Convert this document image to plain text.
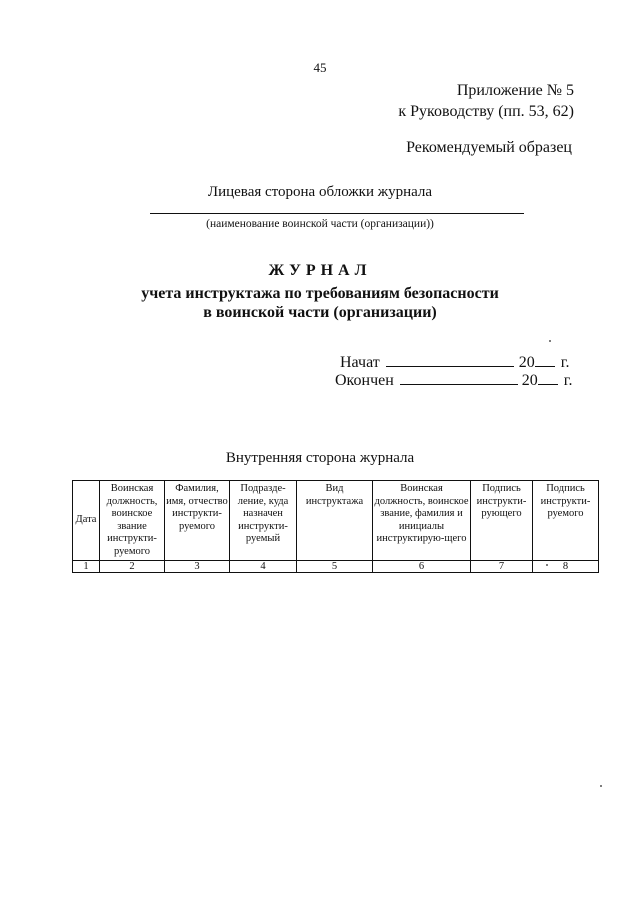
45
Приложение № 5
к Руководству (пп. 53, 62)
Рекомендуемый образец
Лицевая сторона обложки журнала
(наименование воинской части (организации))
ЖУРНАЛ
учета инструктажа по требованиям безопасности
в воинской части (организации)
Начат	20 г.
Окончен	20 г.
Внутренняя сторона журнала
Дата	Воинская должность, воинское звание инструкти-руемого	Фамилия, имя, отчество инструкти-руемого	Подразде-ление, куда назначен инструкти-руемый	Вид инструктажа	Воинская должность, воинское звание, фамилия и инициалы инструктирую-щего	Подпись инструкти-рующего	Подпись инструкти-руемого
1	2	3	4	5	6	7	8
